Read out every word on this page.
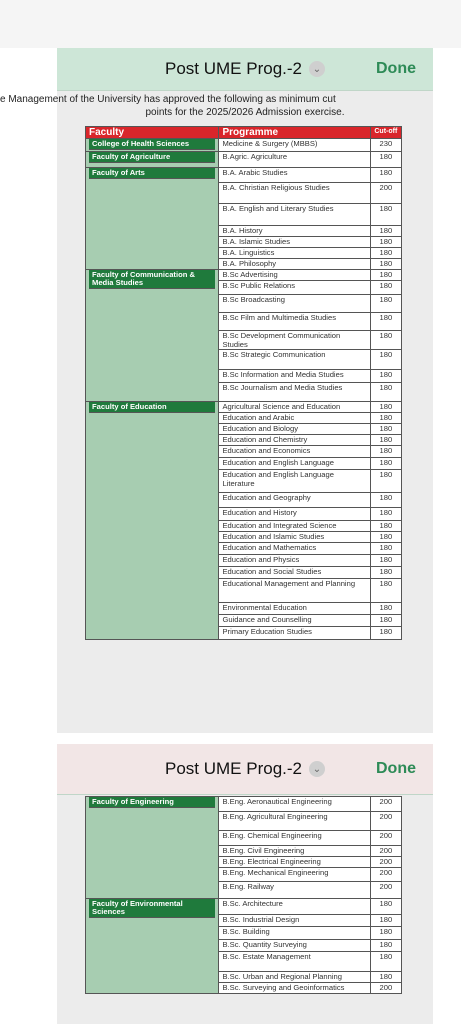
Post UME Prog.-2	⌄	Done
e Management of the University has approved the following as minimum cut
points for the 2025/2026 Admission exercise.
Faculty	Programme	Cut-off

College of Health Sciences	Medicine & Surgery (MBBS)	230

Faculty of Agriculture	B.Agric. Agriculture	180

Faculty of Arts	B.A. Arabic Studies	180
	B.A. Christian Religious Studies	200
	B.A. English and Literary Studies	180
	B.A. History	180
	B.A. Islamic Studies	180
	B.A. Linguistics	180
	B.A. Philosophy	180

Faculty of Communication & Media Studies	B.Sc Advertising	180
	B.Sc Public Relations	180
	B.Sc Broadcasting	180
	B.Sc Film and Multimedia Studies	180
	B.Sc Development Communication Studies	180
	B.Sc Strategic Communication	180
	B.Sc Information and Media Studies	180
	B.Sc Journalism and Media Studies	180

Faculty of Education	Agricultural Science and Education	180
	Education and Arabic	180
	Education and Biology	180
	Education and Chemistry	180
	Education and Economics	180
	Education and English Language	180
	Education and English Language Literature	180
	Education and Geography	180
	Education and History	180
	Education and Integrated Science	180
	Education and Islamic Studies	180
	Education and Mathematics	180
	Education and Physics	180
	Education and Social Studies	180
	Educational Management and Planning	180
	Environmental Education	180
	Guidance and Counselling	180
	Primary Education Studies	180
Post UME Prog.-2	⌄	Done
Faculty of Engineering	B.Eng. Aeronautical Engineering	200
	B.Eng. Agricultural Engineering	200
	B.Eng. Chemical Engineering	200
	B.Eng. Civil Engineering	200
	B.Eng. Electrical Engineering	200
	B.Eng. Mechanical Engineering	200
	B.Eng. Railway	200

Faculty of Environmental Sciences	B.Sc. Architecture	180
	B.Sc. Industrial Design	180
	B.Sc. Building	180
	B.Sc. Quantity Surveying	180
	B.Sc. Estate Management	180
	B.Sc. Urban and Regional Planning	180
	B.Sc. Surveying and Geoinformatics	200
